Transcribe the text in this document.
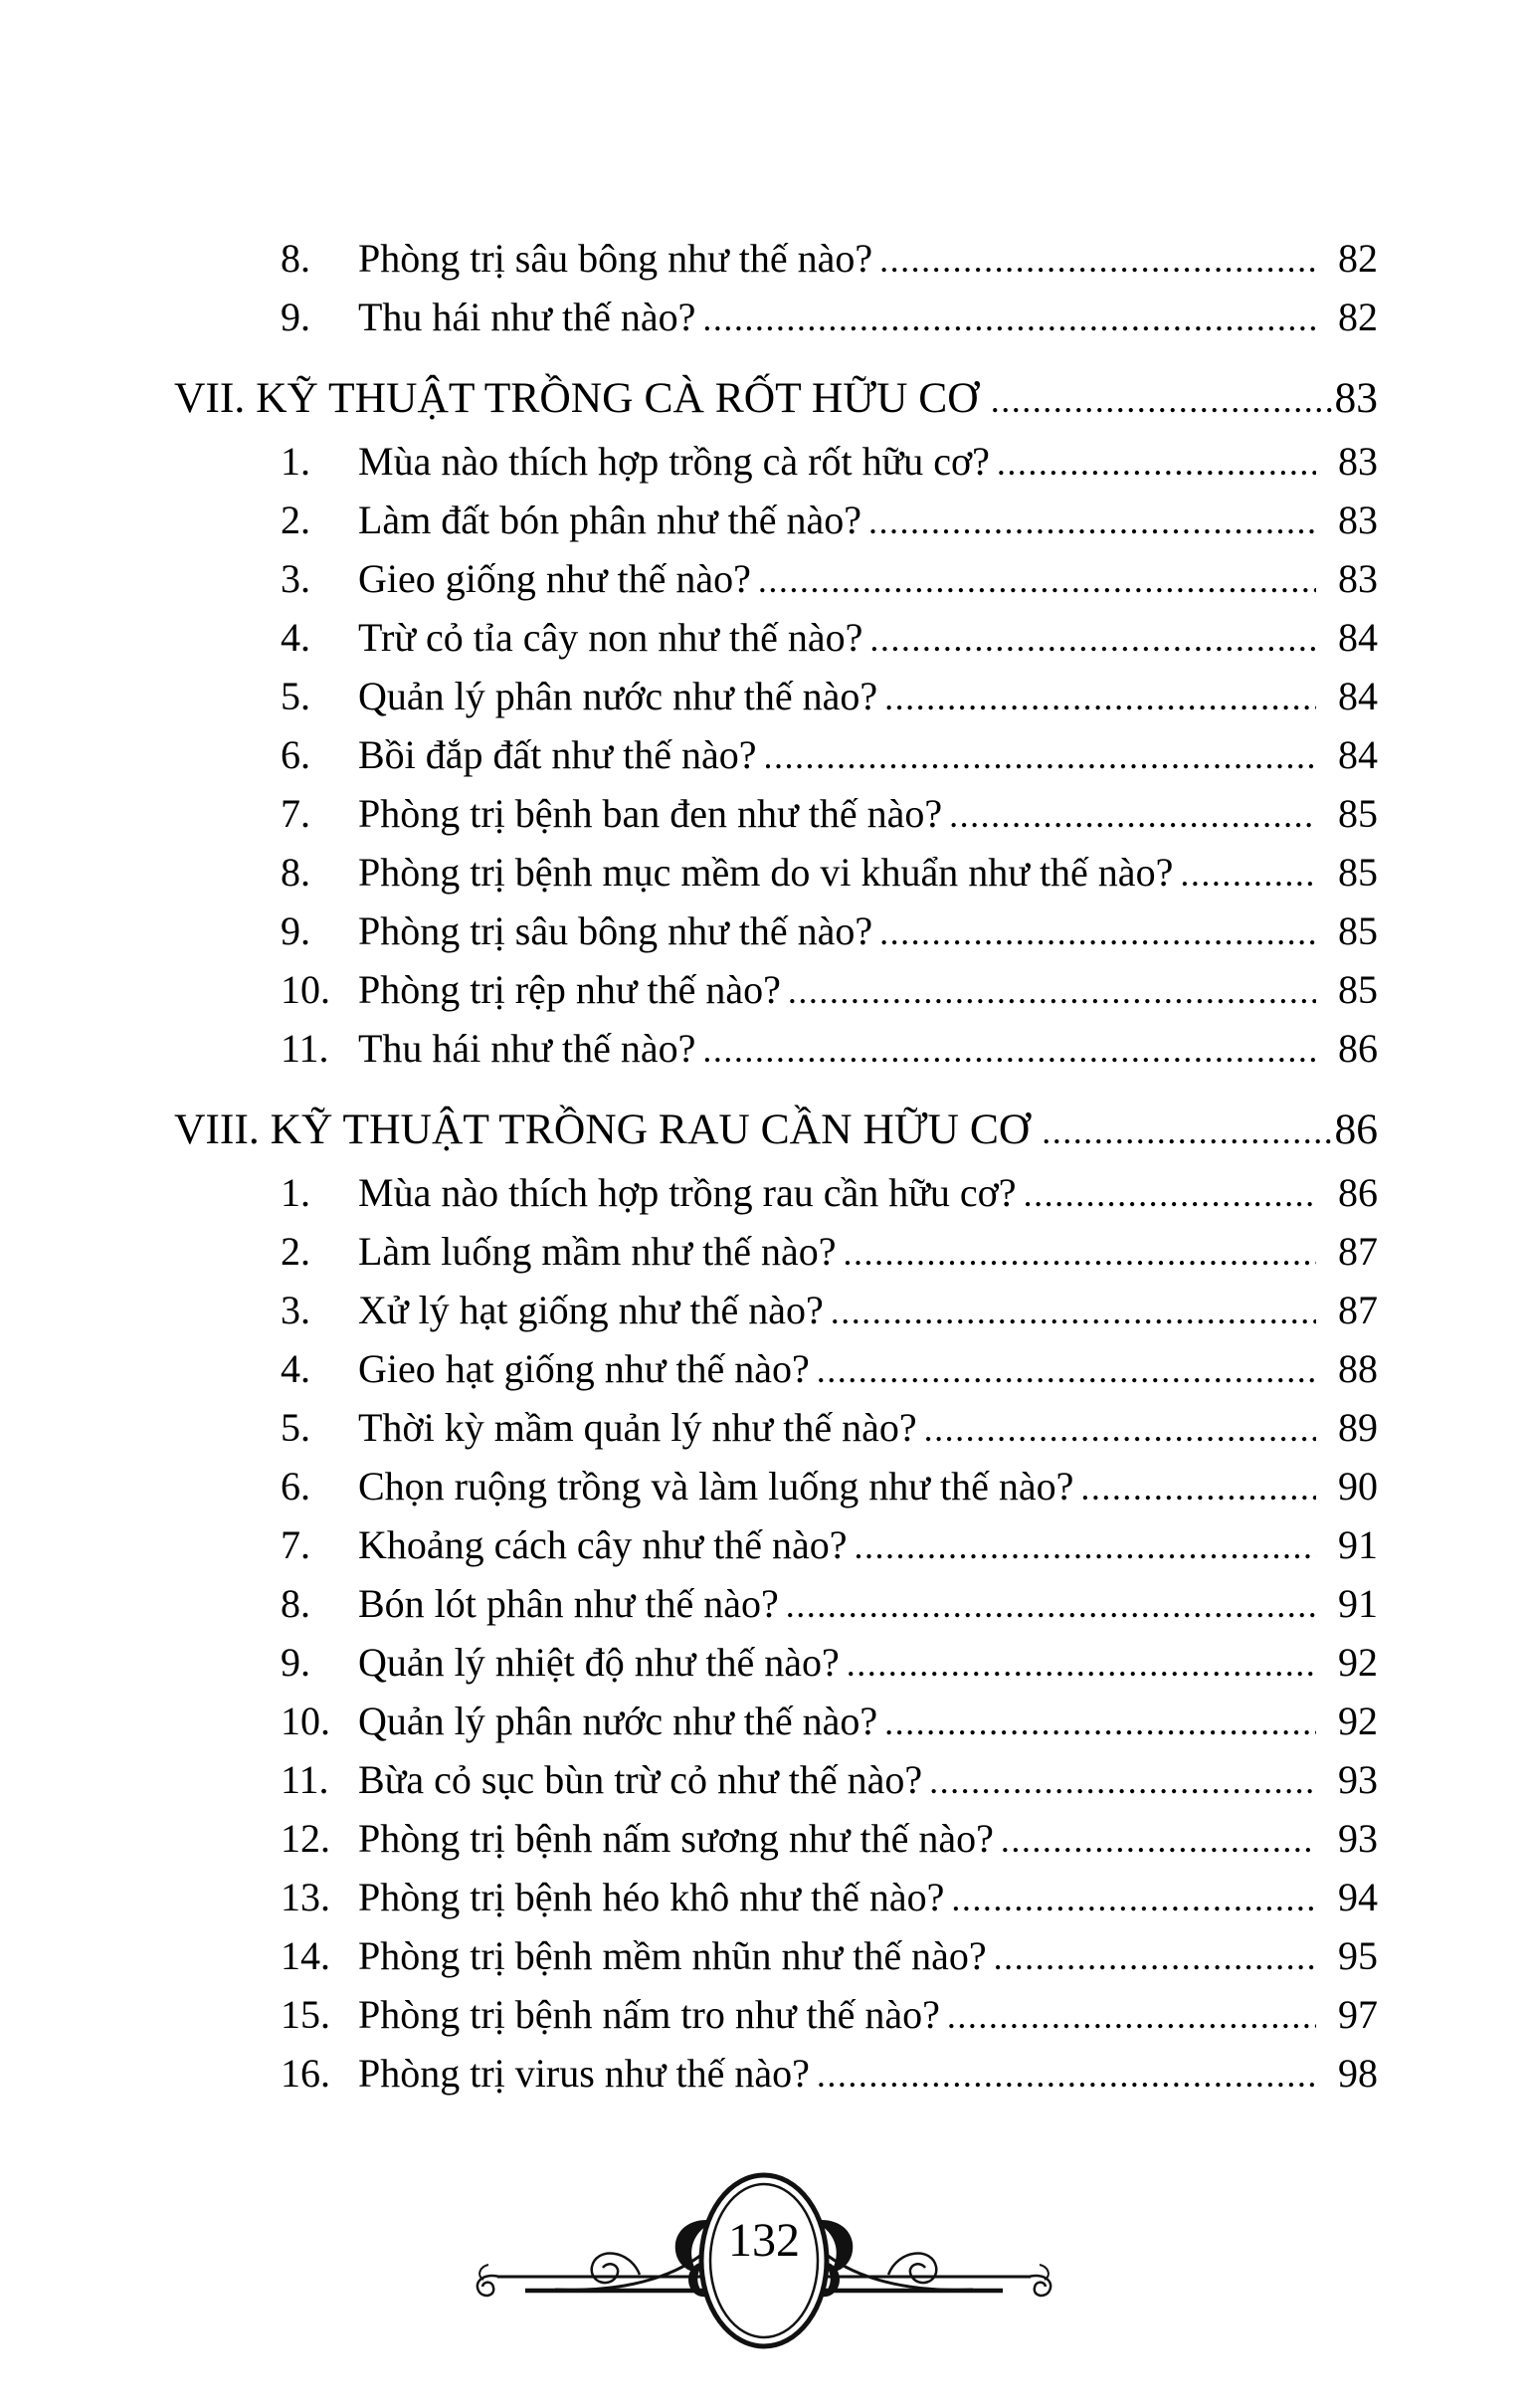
8.	Phòng trị sâu bông như thế nào? .....	82
9.	Thu hái như thế nào? .....	82
VII. KỸ THUẬT TRỒNG CÀ RỐT HỮU CƠ .....	83
1.	Mùa nào thích hợp trồng cà rốt hữu cơ? .....	83
2.	Làm đất bón phân như thế nào? .....	83
3.	Gieo giống như thế nào? .....	83
4.	Trừ cỏ tỉa cây non như thế nào? .....	84
5.	Quản lý phân nước như thế nào? .....	84
6.	Bồi đắp đất như thế nào? .....	84
7.	Phòng trị bệnh ban đen như thế nào? .....	85
8.	Phòng trị bệnh mục mềm do vi khuẩn như thế nào? .....	85
9.	Phòng trị sâu bông như thế nào? .....	85
10. Phòng trị rệp như thế nào? .....	85
11. Thu hái như thế nào? .....	86
VIII. KỸ THUẬT TRỒNG RAU CẦN HỮU CƠ .....	86
1.	Mùa nào thích hợp trồng rau cần hữu cơ? .....	86
2.	Làm luống mầm như thế nào? .....	87
3.	Xử lý hạt giống như thế nào? .....	87
4.	Gieo hạt giống như thế nào? .....	88
5.	Thời kỳ mầm quản lý như thế nào? .....	89
6.	Chọn ruộng trồng và làm luống như thế nào? .....	90
7.	Khoảng cách cây như thế nào? .....	91
8.	Bón lót phân như thế nào? .....	91
9.	Quản lý nhiệt độ như thế nào? .....	92
10. Quản lý phân nước như thế nào? .....	92
11. Bừa cỏ sục bùn trừ cỏ như thế nào? .....	93
12. Phòng trị bệnh nấm sương như thế nào? .....	93
13. Phòng trị bệnh héo khô như thế nào? .....	94
14. Phòng trị bệnh mềm nhũn như thế nào? .....	95
15. Phòng trị bệnh nấm tro như thế nào? .....	97
16. Phòng trị virus như thế nào? .....	98
132
